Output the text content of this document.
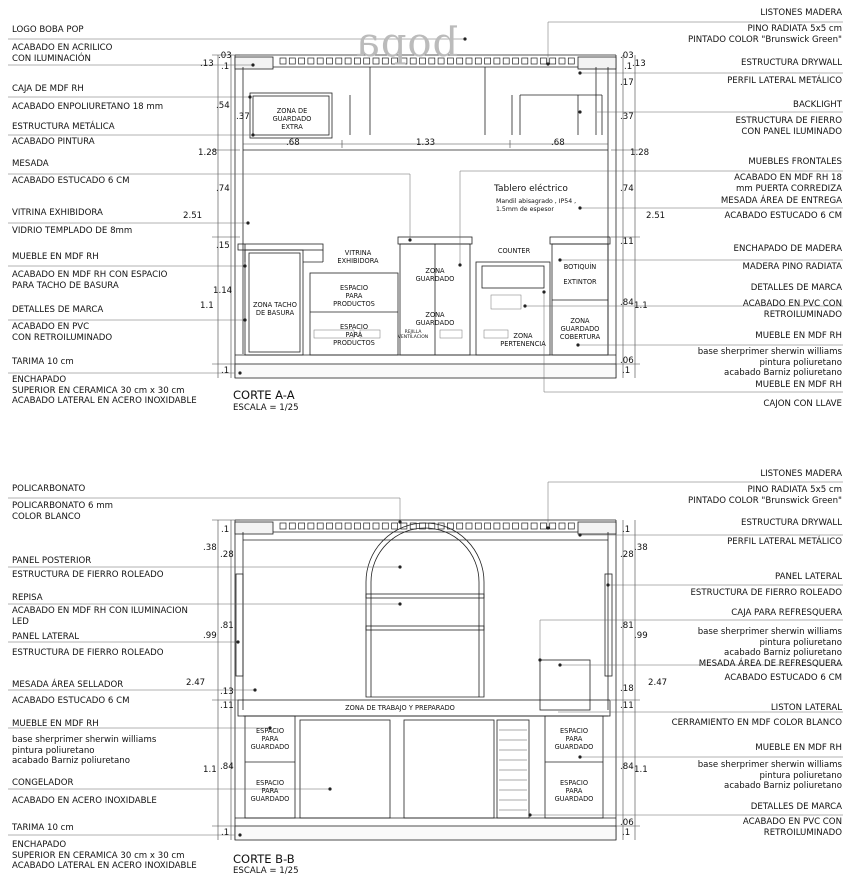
bopa
LOGO BOBA POP
ACABADO EN ACRILICO
CON ILUMINACIÓN
CAJA DE MDF RH
ACABADO ENPOLIURETANO 18 mm
ESTRUCTURA METÁLICA
ACABADO PINTURA
MESADA
ACABADO ESTUCADO 6 CM
VITRINA EXHIBIDORA
VIDRIO TEMPLADO DE 8mm
MUEBLE EN MDF RH
ACABADO EN MDF RH CON ESPACIO
PARA TACHO DE BASURA
DETALLES DE MARCA
ACABADO EN PVC
CON RETROILUMINADO
TARIMA 10 cm
ENCHAPADO
SUPERIOR EN CERAMICA 30 cm x 30 cm
ACABADO LATERAL EN ACERO INOXIDABLE
LISTONES MADERA
PINO RADIATA 5x5 cm
PINTADO COLOR "Brunswick Green"
ESTRUCTURA DRYWALL
PERFIL LATERAL METÁLICO
BACKLIGHT
ESTRUCTURA DE FIERRO
CON PANEL ILUMINADO
MUEBLES FRONTALES
ACABADO EN MDF RH 18
mm PUERTA CORREDIZA
MESADA ÁREA DE ENTREGA
ACABADO ESTUCADO 6 CM
ENCHAPADO DE MADERA
MADERA PINO RADIATA
DETALLES DE MARCA
ACABADO EN PVC CON
RETROILUMINADO
MUEBLE EN MDF RH
base sherprimer sherwin williams
pintura poliuretano
acabado Barniz poliuretano
MUEBLE EN MDF RH
CAJON CON LLAVE
CORTE A-A
ESCALA = 1/25
ZONA DE
GUARDADO
EXTRA
VITRINA
EXHIBIDORA
ZONA TACHO
DE BASURA
ESPACIO
PARA
PRODUCTOS
ESPACIO
PARA
PRODUCTOS
ZONA
GUARDADO
ZONA
GUARDADO
COUNTER
BOTIQUÍN
EXTINTOR
ZONA
GUARDADO
COBERTURA
ZONA
PERTENENCIA
REJILLA
VENTILACION
Tablero eléctrico
Mandil abisagrado , IP54 ,
1.5mm de espesor
.03
.13 .1
.54
.37
1.28
.74
2.51
.15
1.14
1.1
.1
.03
.1 .13
.17
.37
1.28
.74
2.51
.11
.84 1.1
.06
.1
.68	1.33	.68
POLICARBONATO
POLICARBONATO 6 mm
COLOR BLANCO
PANEL POSTERIOR
ESTRUCTURA DE FIERRO ROLEADO
REPISA
ACABADO EN MDF RH CON ILUMINACION
LED
PANEL LATERAL
ESTRUCTURA DE FIERRO ROLEADO
MESADA ÁREA SELLADOR
ACABADO ESTUCADO 6 CM
MUEBLE EN MDF RH
base sherprimer sherwin williams
pintura poliuretano
acabado Barniz poliuretano
CONGELADOR
ACABADO EN ACERO INOXIDABLE
TARIMA 10 cm
ENCHAPADO
SUPERIOR EN CERAMICA 30 cm x 30 cm
ACABADO LATERAL EN ACERO INOXIDABLE
LISTONES MADERA
PINO RADIATA 5x5 cm
PINTADO COLOR "Brunswick Green"
ESTRUCTURA DRYWALL
PERFIL LATERAL METÁLICO
PANEL LATERAL
ESTRUCTURA DE FIERRO ROLEADO
CAJA PARA REFRESQUERA
base sherprimer sherwin williams
pintura poliuretano
acabado Barniz poliuretano
MESADA ÁREA DE REFRESQUERA
ACABADO ESTUCADO 6 CM
LISTON LATERAL
CERRAMIENTO EN MDF COLOR BLANCO
MUEBLE EN MDF RH
base sherprimer sherwin williams
pintura poliuretano
acabado Barniz poliuretano
DETALLES DE MARCA
ACABADO EN PVC CON
RETROILUMINADO
CORTE B-B
ESCALA = 1/25
ZONA DE TRABAJO Y PREPARADO
ESPACIO
PARA
GUARDADO
ESPACIO
PARA
GUARDADO
ESPACIO
PARA
GUARDADO
ESPACIO
PARA
GUARDADO
.1
.38
.28
.81
.99
2.47
.13
.11
.84
1.1
.1
.1
.38
.28
.81
.99
2.47
.18
.11
.84 1.1
.06
.1
